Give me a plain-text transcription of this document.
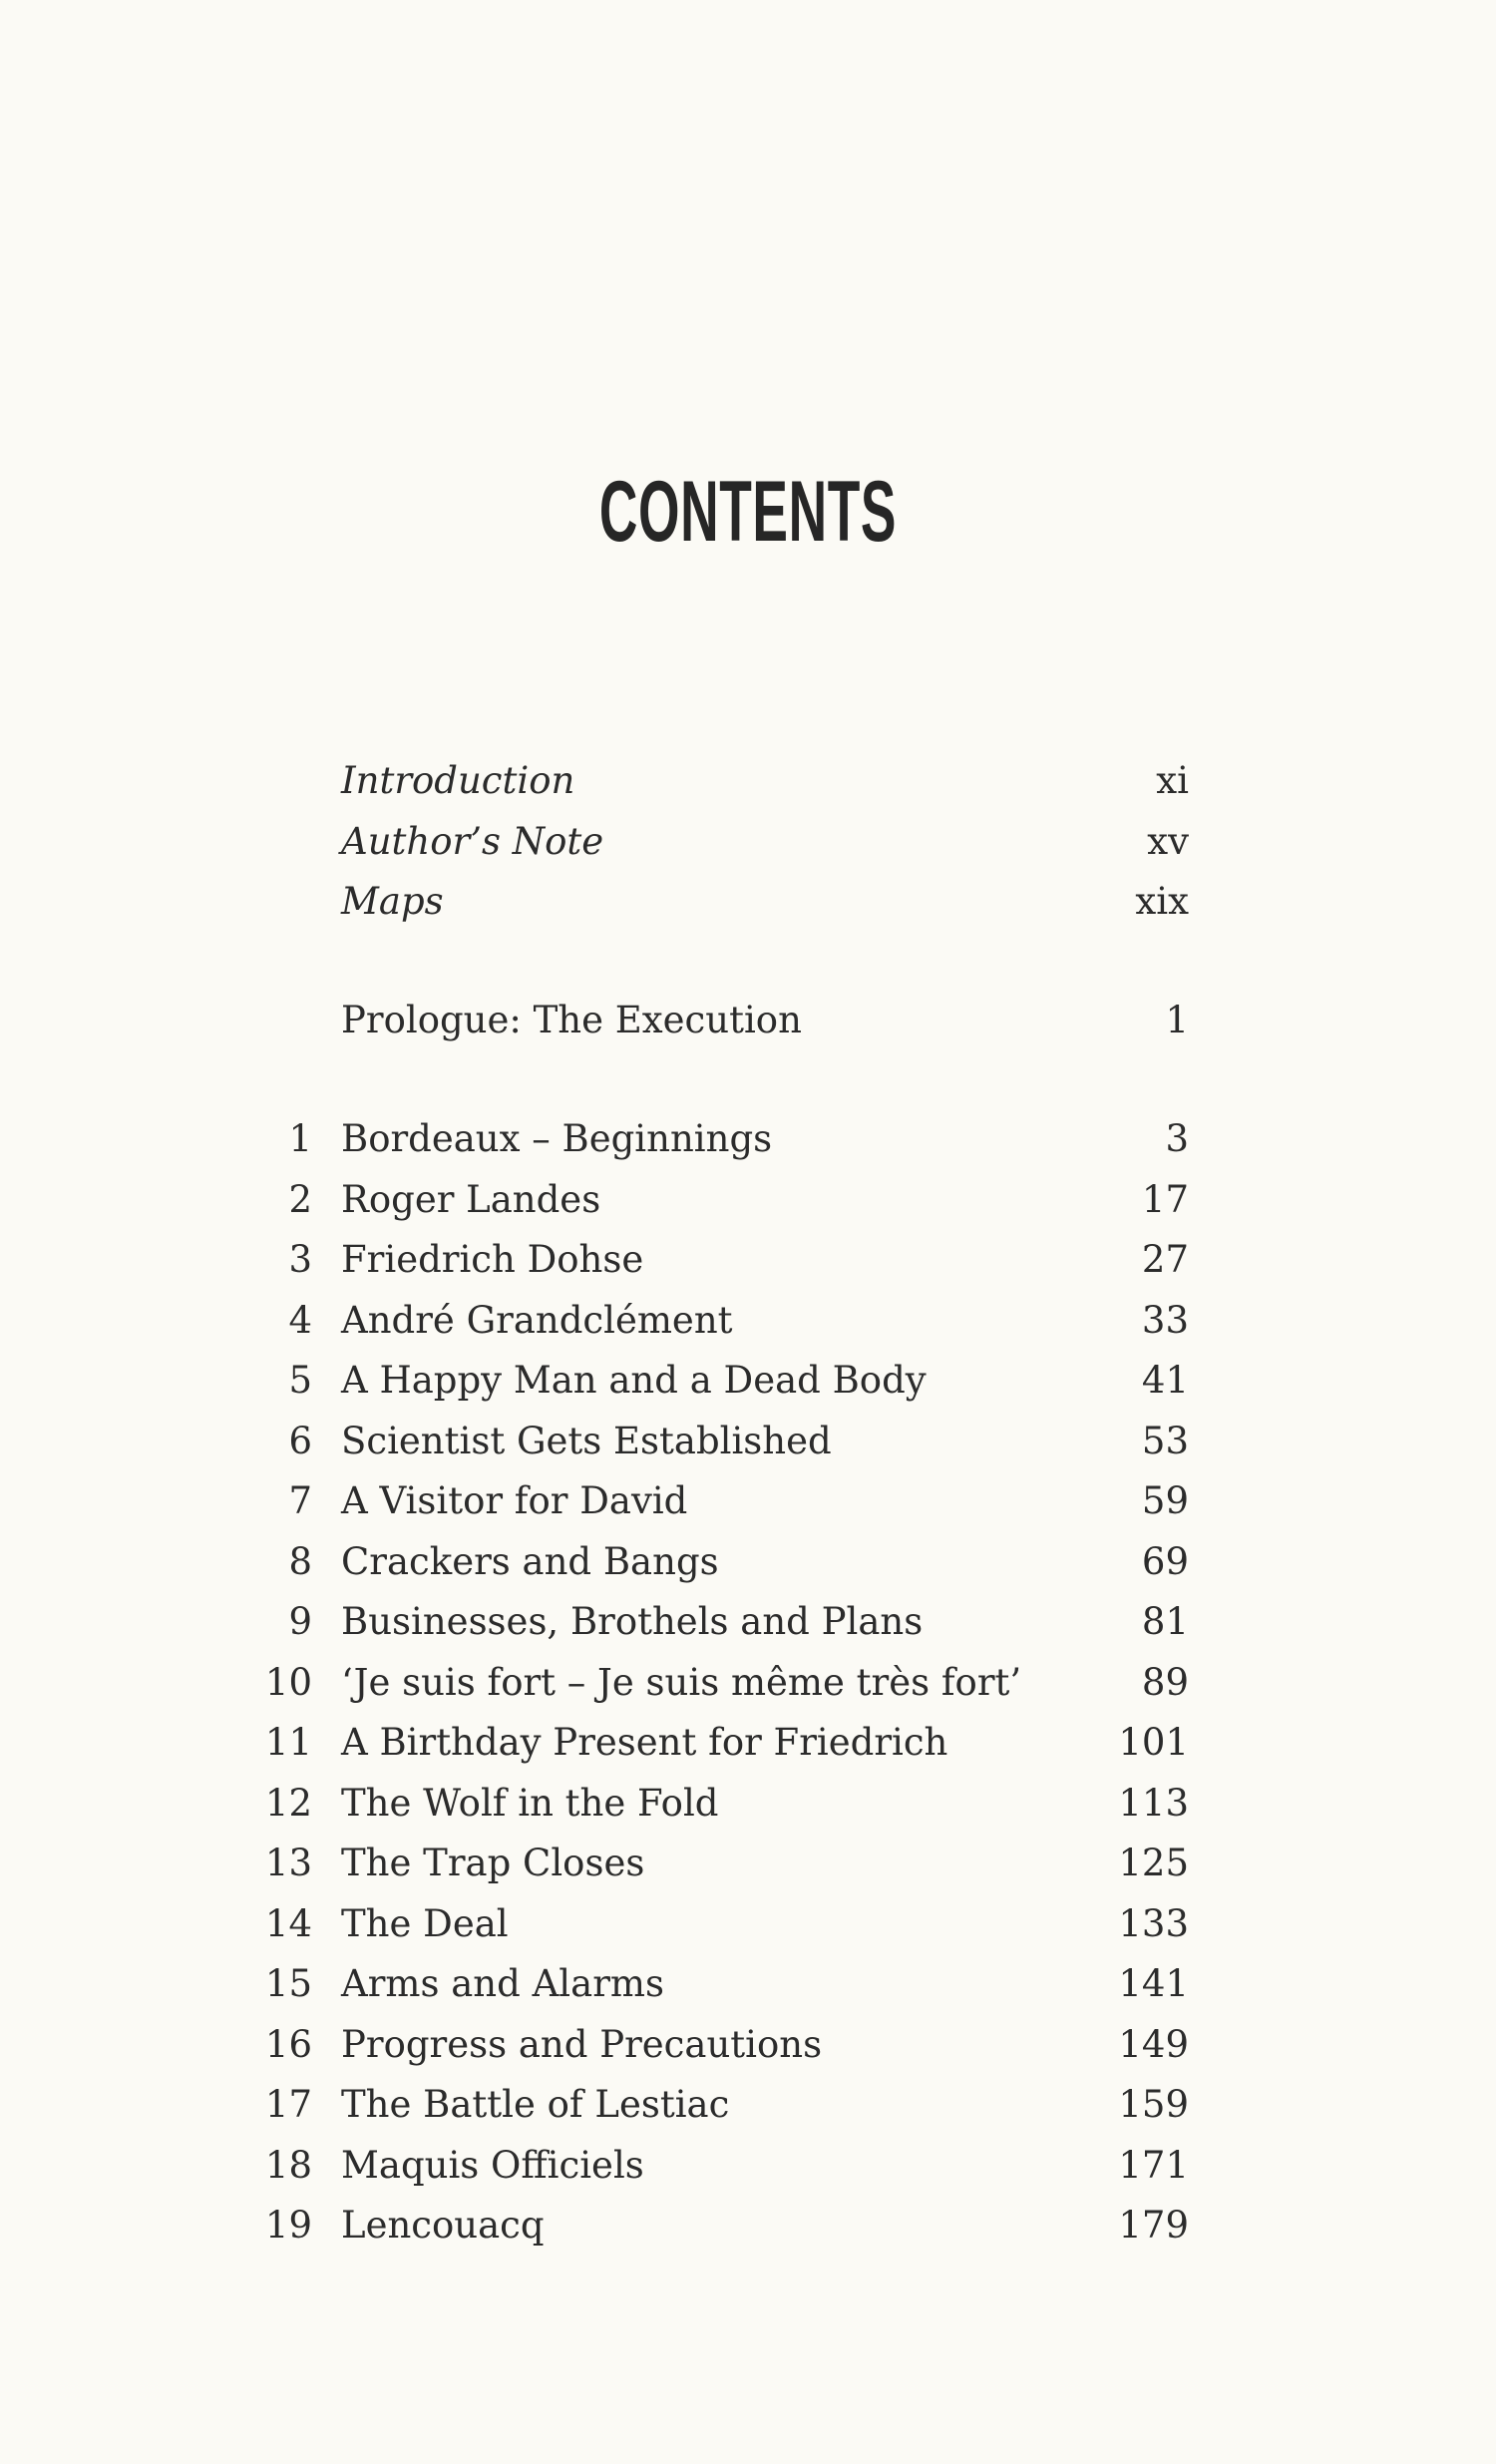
CONTENTS
Introduction	xi
Author’s Note	xv
Maps	xix
Prologue: The Execution	1
1 Bordeaux – Beginnings	3
2 Roger Landes	17
3 Friedrich Dohse	27
4 André Grandclément	33
5 A Happy Man and a Dead Body	41
6 Scientist Gets Established	53
7 A Visitor for David	59
8 Crackers and Bangs	69
9 Businesses, Brothels and Plans	81
10 ‘Je suis fort – Je suis même très fort’	89
11 A Birthday Present for Friedrich	101
12 The Wolf in the Fold	113
13 The Trap Closes	125
14 The Deal	133
15 Arms and Alarms	141
16 Progress and Precautions	149
17 The Battle of Lestiac	159
18 Maquis Officiels	171
19 Lencouacq	179
